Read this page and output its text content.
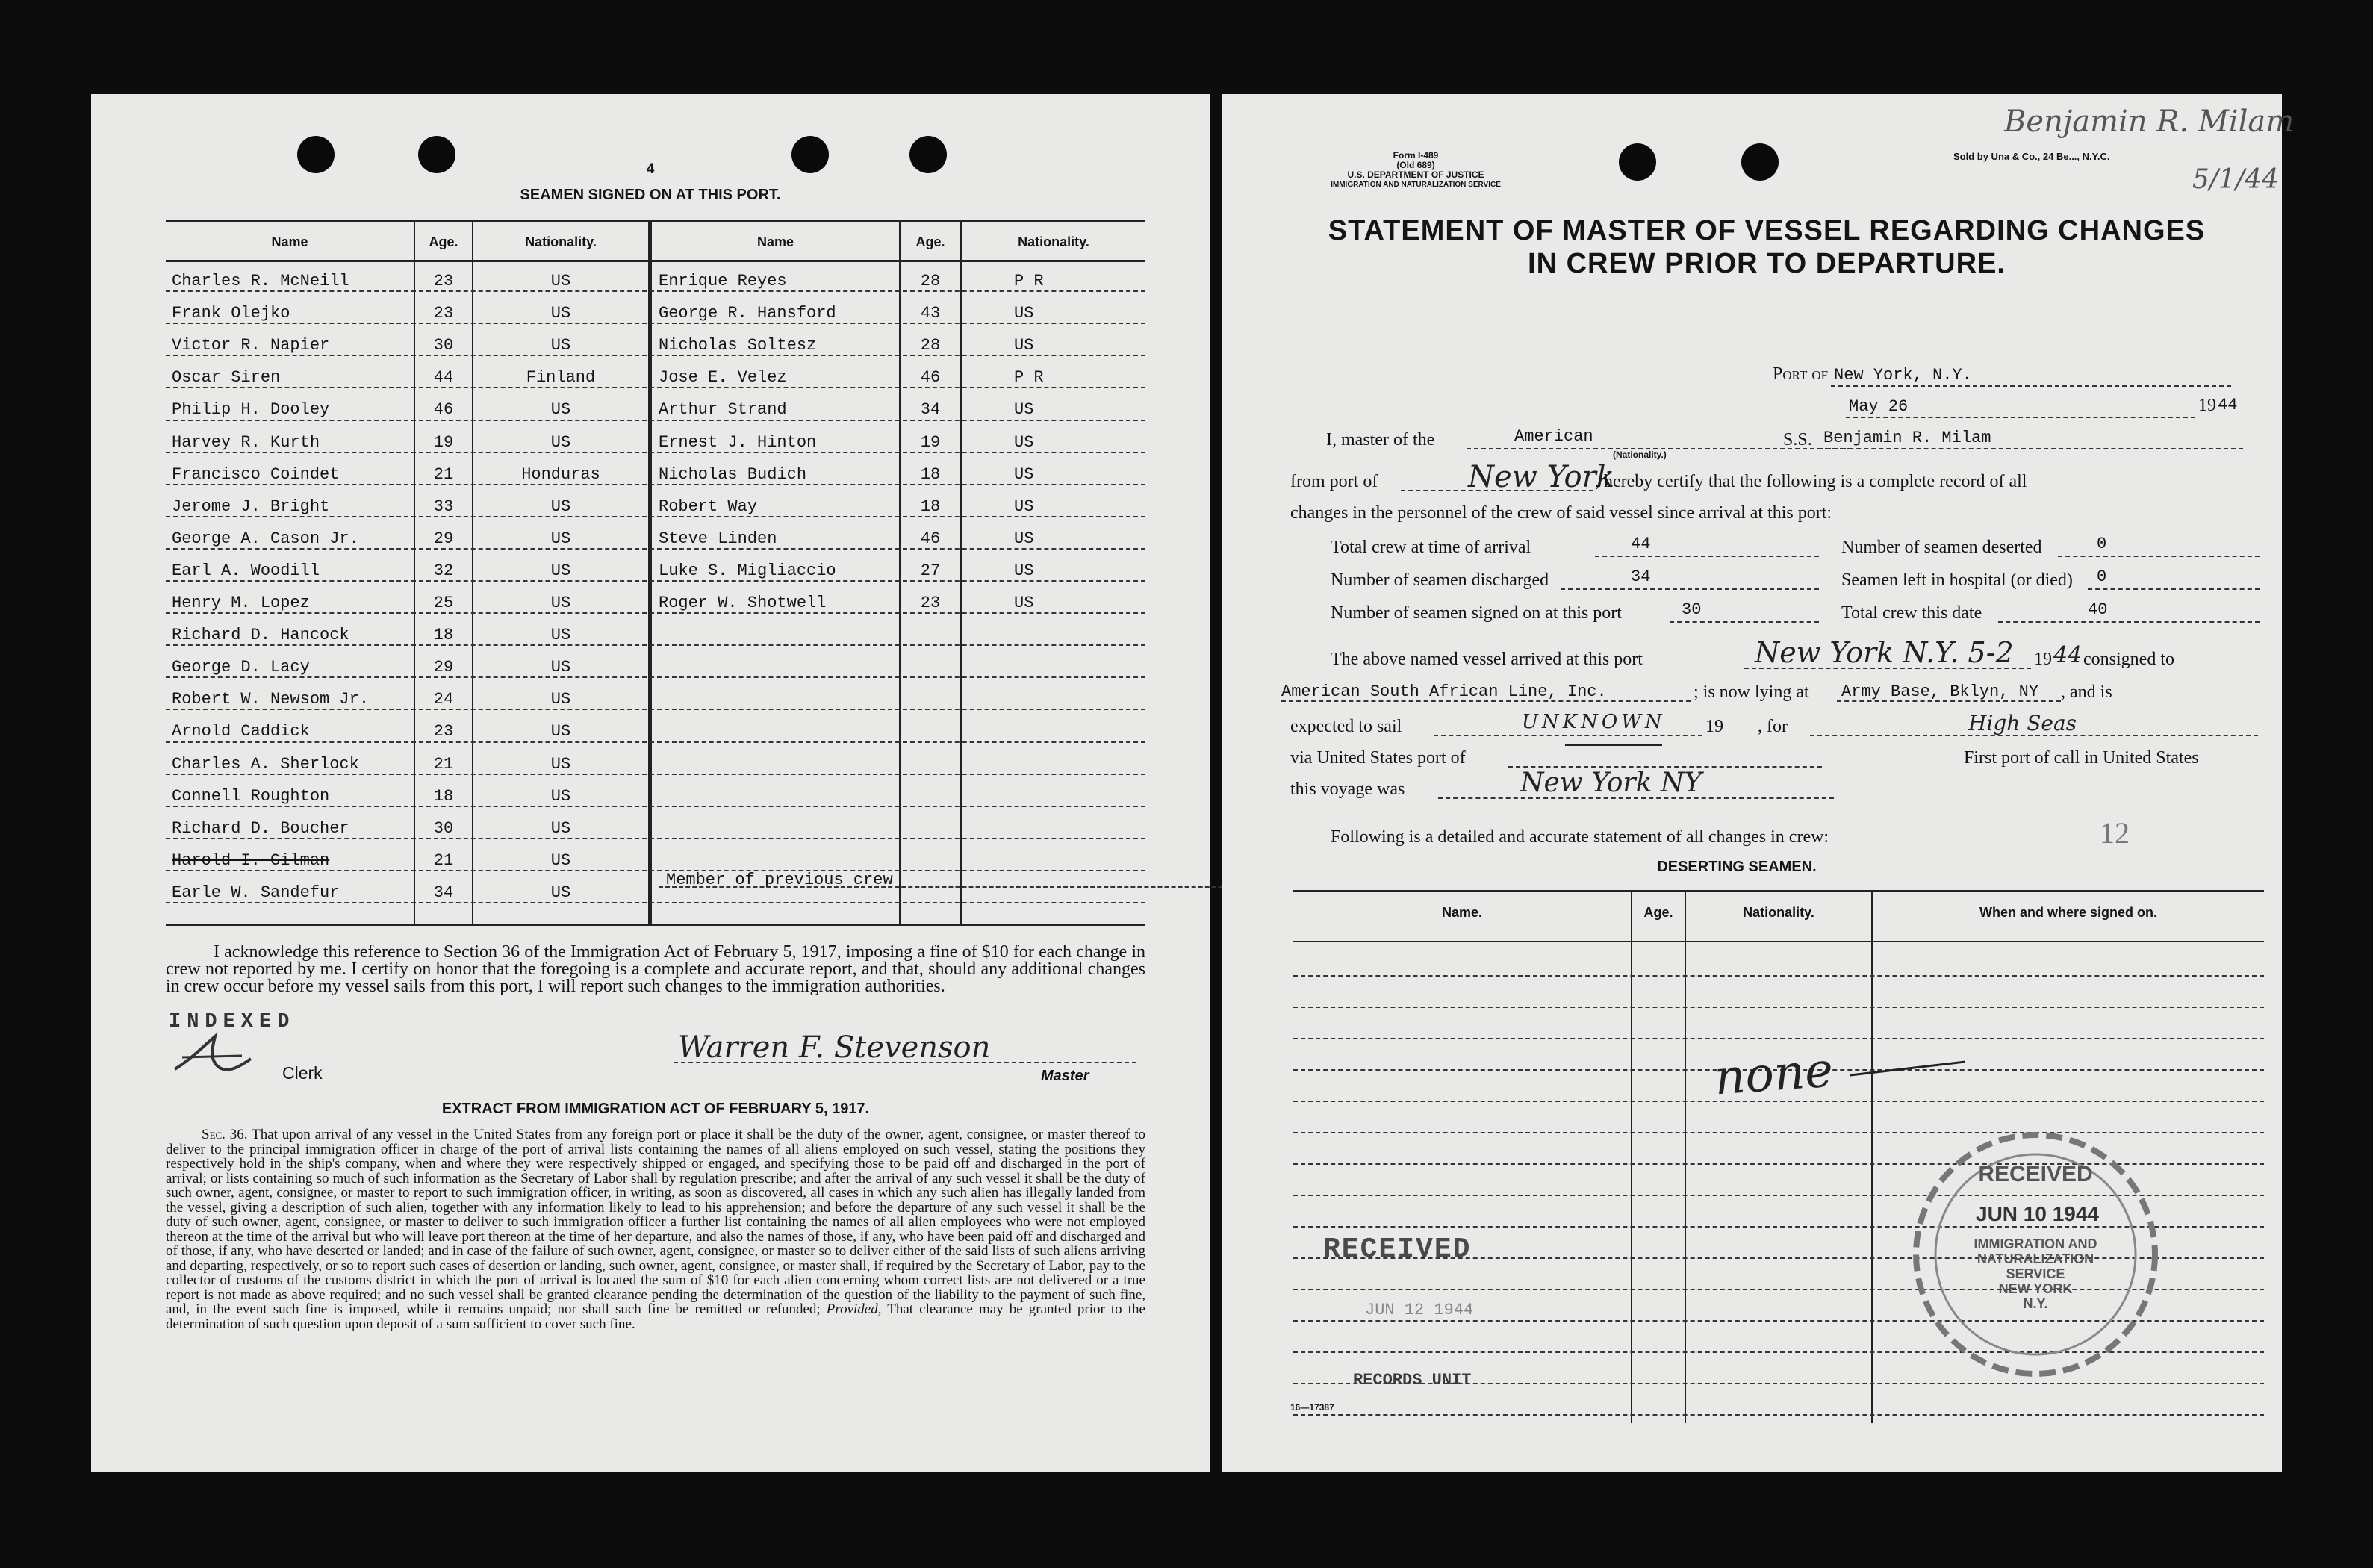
4
SEAMEN SIGNED ON AT THIS PORT.
Name	Age.	Nationality.	Name	Age.	Nationality.
Charles R. McNeill	23	US	Enrique Reyes	28	P R
Frank Olejko	23	US	George R. Hansford	43	US
Victor R. Napier	30	US	Nicholas Soltesz	28	US
Oscar Siren	44	Finland	Jose E. Velez	46	P R
Philip H. Dooley	46	US	Arthur Strand	34	US
Harvey R. Kurth	19	US	Ernest J. Hinton	19	US
Francisco Coindet	21	Honduras	Nicholas Budich	18	US
Jerome J. Bright	33	US	Robert Way	18	US
George A. Cason Jr.	29	US	Steve Linden	46	US
Earl A. Woodill	32	US	Luke S. Migliaccio	27	US
Henry M. Lopez	25	US	Roger W. Shotwell	23	US
Richard D. Hancock	18	US
George D. Lacy	29	US
Robert W. Newsom Jr.	24	US
Arnold Caddick	23	US
Charles A. Sherlock	21	US
Connell Roughton	18	US
Richard D. Boucher	30	US
Harold I. Gilman	21	US
Earle W. Sandefur	34	US
Member of previous crew
I acknowledge this reference to Section 36 of the Immigration Act of February 5, 1917, imposing a fine of $10 for each change in crew not reported by me. I certify on honor that the foregoing is a complete and accurate report, and that, should any additional changes in crew occur before my vessel sails from this port, I will report such changes to the immigration authorities.
INDEXED
Clerk
Warren F. Stevenson
Master
EXTRACT FROM IMMIGRATION ACT OF FEBRUARY 5, 1917.
Sec. 36. That upon arrival of any vessel in the United States from any foreign port or place it shall be the duty of the owner, agent, consignee, or master thereof to deliver to the principal immigration officer in charge of the port of arrival lists containing the names of all aliens employed on such vessel, stating the positions they respectively hold in the ship's company, when and where they were respectively shipped or engaged, and specifying those to be paid off and discharged in the port of arrival; or lists containing so much of such information as the Secretary of Labor shall by regulation prescribe; and after the arrival of any such vessel it shall be the duty of such owner, agent, consignee, or master to report to such immigration officer, in writing, as soon as discovered, all cases in which any such alien has illegally landed from the vessel, giving a description of such alien, together with any information likely to lead to his apprehension; and before the departure of any such vessel it shall be the duty of such owner, agent, consignee, or master to deliver to such immigration officer a further list containing the names of all alien employees who were not employed thereon at the time of the arrival but who will leave port thereon at the time of her departure, and also the names of those, if any, who have been paid off and discharged and of those, if any, who have deserted or landed; and in case of the failure of such owner, agent, consignee, or master so to deliver either of the said lists of such aliens arriving and departing, respectively, or so to report such cases of desertion or landing, such owner, agent, consignee, or master shall, if required by the Secretary of Labor, pay to the collector of customs of the customs district in which the port of arrival is located the sum of $10 for each alien concerning whom correct lists are not delivered or a true report is not made as above required; and no such vessel shall be granted clearance pending the determination of the question of the liability to the payment of such fine, and, in the event such fine is imposed, while it remains unpaid; nor shall such fine be remitted or refunded; Provided, That clearance may be granted prior to the determination of such question upon deposit of a sum sufficient to cover such fine.
Form I-489
(Old 689)
U.S. DEPARTMENT OF JUSTICE
IMMIGRATION AND NATURALIZATION SERVICE
Sold by Una & Co., 24 Be..., N.Y.C.
Benjamin R. Milam
5/1/44
STATEMENT OF MASTER OF VESSEL REGARDING CHANGES
IN CREW PRIOR TO DEPARTURE.
Port of New York, N.Y.
May 26	19 44
I, master of the	American
(Nationality.)
S.S. Benjamin R. Milam
from port of	New York
, hereby certify that the following is a complete record of all
changes in the personnel of the crew of said vessel since arrival at this port:
Total crew at time of arrival	44	Number of seamen deserted	0
Number of seamen discharged	34	Seamen left in hospital (or died) 0
Number of seamen signed on at this port	30	Total crew this date	40
The above named vessel arrived at this port	New York N.Y. 5-2 19 44 consigned to
American South African Line, Inc.	; is now lying at Army Base, Bklyn, NY , and is
expected to sail	UNKNOWN 19 , for	High Seas
via United States port of	First port of call in United States
this voyage was	New York NY
Following is a detailed and accurate statement of all changes in crew:	12
DESERTING SEAMEN.
Name.	Age.	Nationality.	When and where signed on.
none
RECEIVED
JUN 12 1944
RECORDS UNIT
RECEIVED
JUN 10 1944
IMMIGRATION AND
NATURALIZATION
SERVICE
NEW YORK
N.Y.
16—17387
